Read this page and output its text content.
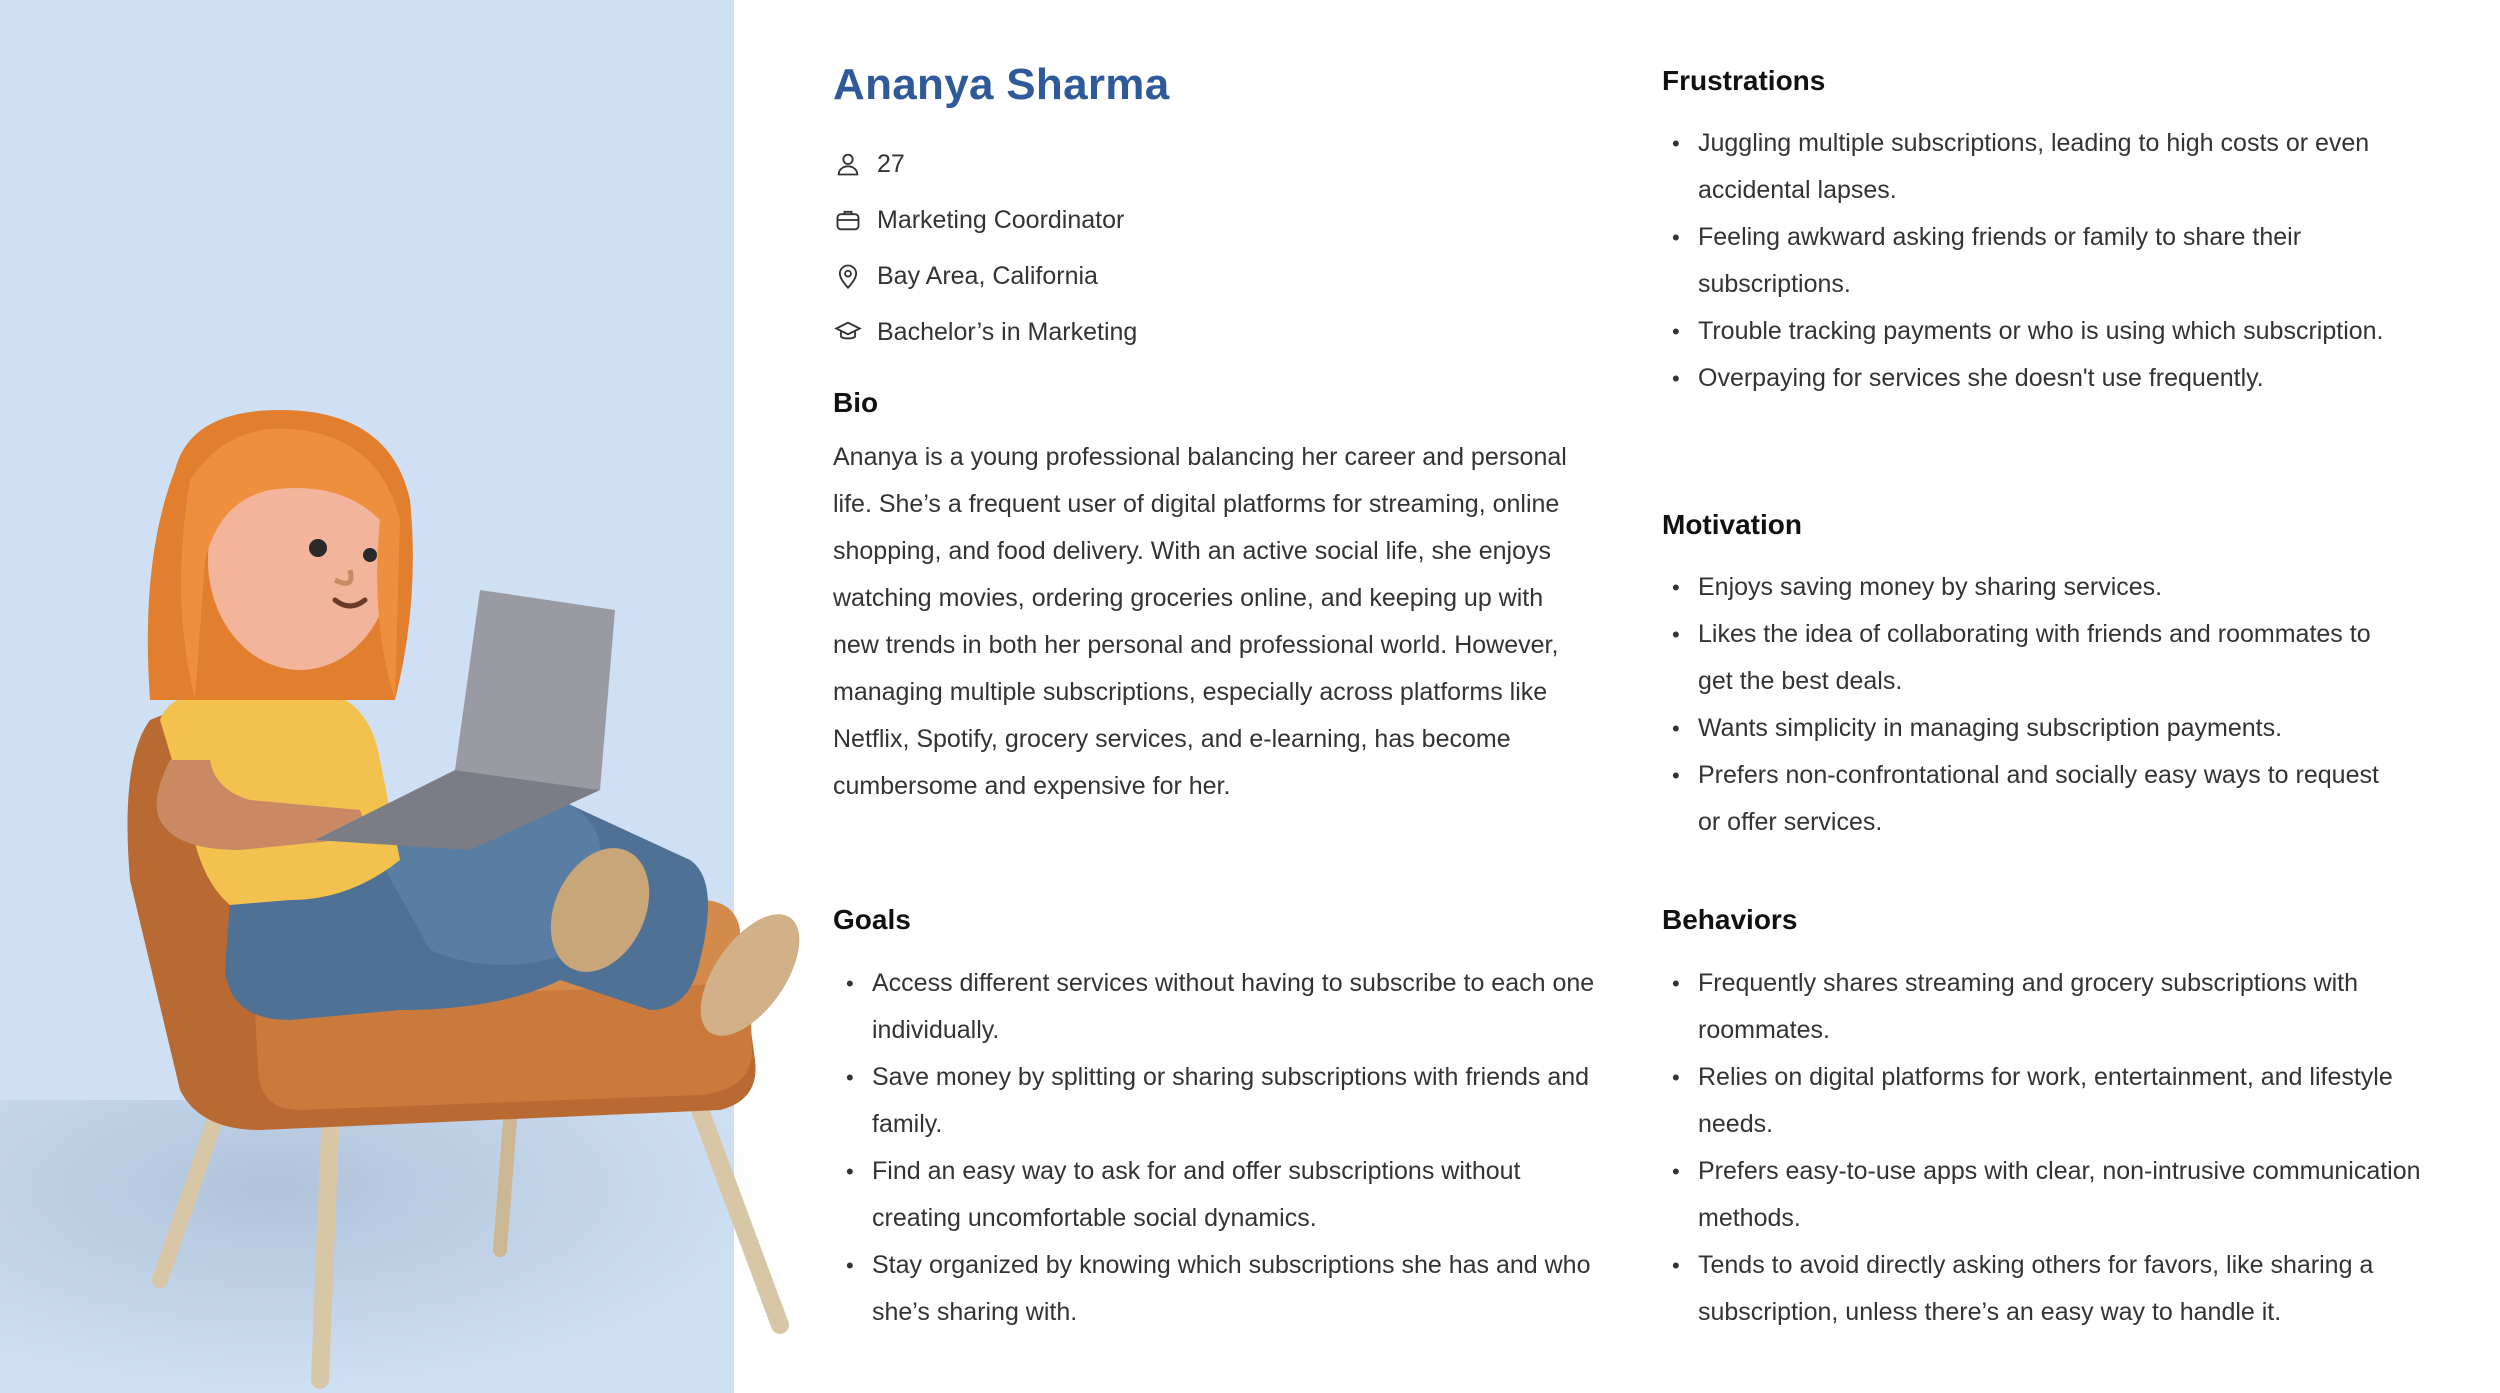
Ananya Sharma
27
Marketing Coordinator
Bay Area, California
Bachelor’s in Marketing
Bio

Ananya is a young professional balancing her career and personal life. She’s a frequent user of digital platforms for streaming, online shopping, and food delivery. With an active social life, she enjoys watching movies, ordering groceries online, and keeping up with new trends in both her personal and professional world. However, managing multiple subscriptions, especially across platforms like Netflix, Spotify, grocery services, and e-learning, has become cumbersome and expensive for her.

Goals
• Access different services without having to subscribe to each one individually.
• Save money by splitting or sharing subscriptions with friends and family.
• Find an easy way to ask for and offer subscriptions without creating uncomfortable social dynamics.
• Stay organized by knowing which subscriptions she has and who she’s sharing with.
Frustrations
• Juggling multiple subscriptions, leading to high costs or even accidental lapses.
• Feeling awkward asking friends or family to share their subscriptions.
• Trouble tracking payments or who is using which subscription.
• Overpaying for services she doesn't use frequently.
Motivation
• Enjoys saving money by sharing services.
• Likes the idea of collaborating with friends and roommates to get the best deals.
• Wants simplicity in managing subscription payments.
• Prefers non-confrontational and socially easy ways to request or offer services.
Behaviors
• Frequently shares streaming and grocery subscriptions with roommates.
• Relies on digital platforms for work, entertainment, and lifestyle needs.
• Prefers easy-to-use apps with clear, non-intrusive communication methods.
• Tends to avoid directly asking others for favors, like sharing a subscription, unless there’s an easy way to handle it.
